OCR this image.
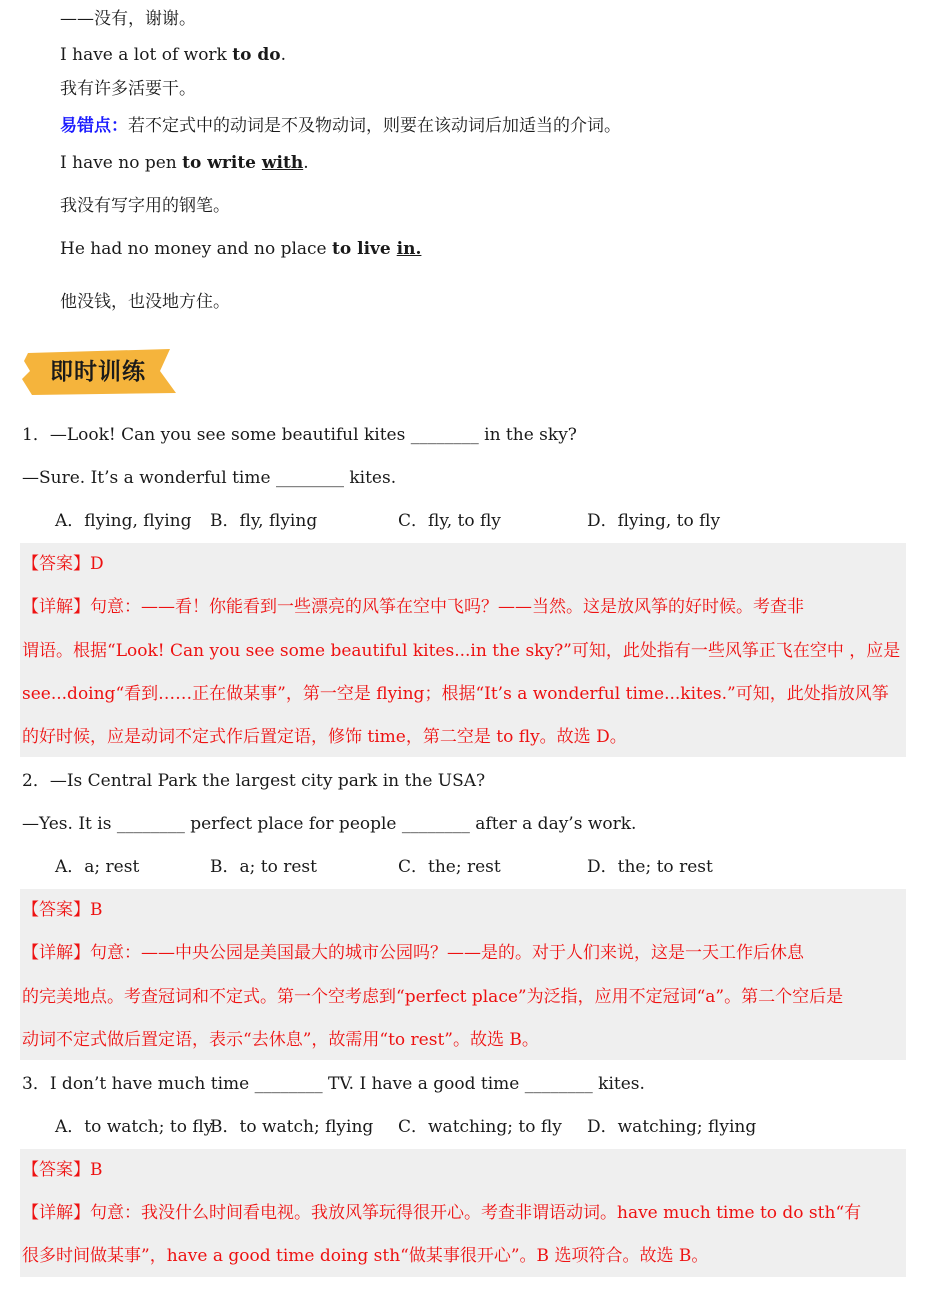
——没有，谢谢。
I have a lot of work to do.
我有许多活要干。
易错点：若不定式中的动词是不及物动词，则要在该动词后加适当的介词。
I have no pen to write with.
我没有写字用的钢笔。
He had no money and no place to live in.
他没钱，也没地方住。
即时训练
1．—Look! Can you see some beautiful kites ________ in the sky?
—Sure. It’s a wonderful time ________ kites.
A．flying, flying B．fly, flying	C．fly, to fly	D．flying, to fly
【答案】D
【详解】句意：——看！你能看到一些漂亮的风筝在空中飞吗？——当然。这是放风筝的好时候。考查非
谓语。根据“Look! Can you see some beautiful kites...in the sky?”可知，此处指有一些风筝正飞在空中 ，应是
see...doing“看到……正在做某事”，第一空是 flying；根据“It’s a wonderful time...kites.”可知，此处指放风筝
的好时候，应是动词不定式作后置定语，修饰 time，第二空是 to fly。故选 D。
2．—Is Central Park the largest city park in the USA?
—Yes. It is ________ perfect place for people ________ after a day’s work.
A．a; rest	B．a; to rest	C．the; rest	D．the; to rest
【答案】B
【详解】句意：——中央公园是美国最大的城市公园吗？——是的。对于人们来说，这是一天工作后休息
的完美地点。考查冠词和不定式。第一个空考虑到“perfect place”为泛指，应用不定冠词“a”。第二个空后是
动词不定式做后置定语，表示“去休息”，故需用“to rest”。故选 B。
3．I don’t have much time ________ TV. I have a good time ________ kites.
A．to watch; to fly
B．to watch; flying C．watching; to fly D．watching; flying
【答案】B
【详解】句意：我没什么时间看电视。我放风筝玩得很开心。考查非谓语动词。have much time to do sth“有
很多时间做某事”，have a good time doing sth“做某事很开心”。B 选项符合。故选 B。
